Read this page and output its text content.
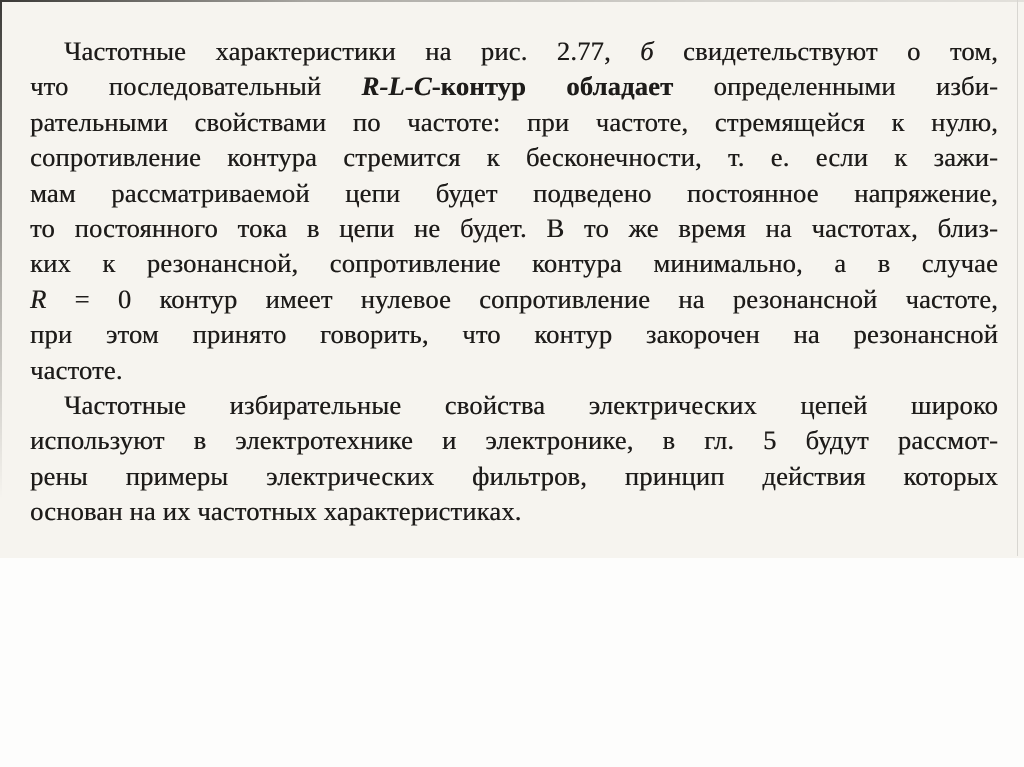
Частотные характеристики на рис. 2.77, б свидетельствуют о том,
что последовательный R-L-C-контур обладает определенными изби-
рательными свойствами по частоте: при частоте, стремящейся к нулю,
сопротивление контура стремится к бесконечности, т. е. если к зажи-
мам рассматриваемой цепи будет подведено постоянное напряжение,
то постоянного тока в цепи не будет. В то же время на частотах, близ-
ких к резонансной, сопротивление контура минимально, а в случае
R = 0 контур имеет нулевое сопротивление на резонансной частоте,
при этом принято говорить, что контур закорочен на резонансной
частоте.
Частотные избирательные свойства электрических цепей широко
используют в электротехнике и электронике, в гл. 5 будут рассмот-
рены примеры электрических фильтров, принцип действия которых
основан на их частотных характеристиках.
